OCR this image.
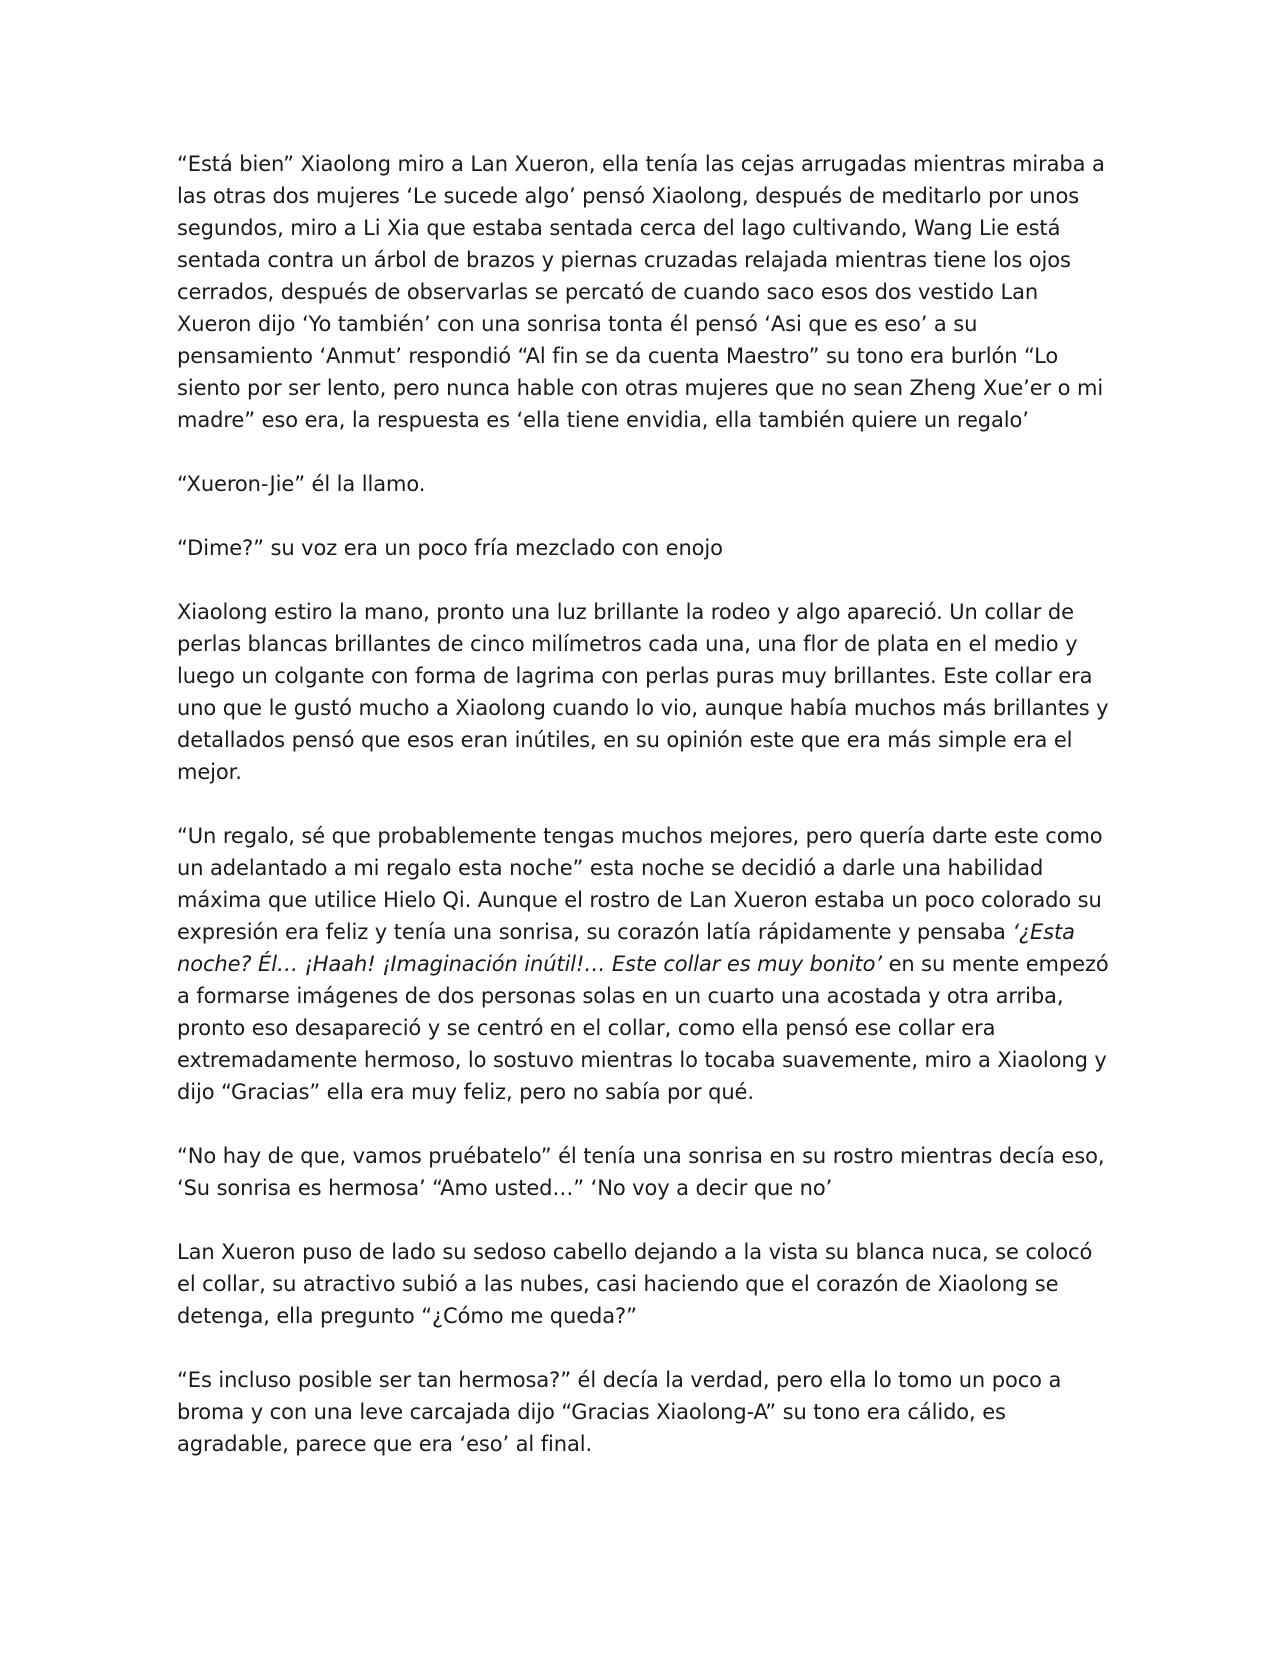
“Está bien” Xiaolong miro a Lan Xueron, ella tenía las cejas arrugadas mientras miraba a las otras dos mujeres ‘Le sucede algo’ pensó Xiaolong, después de meditarlo por unos segundos, miro a Li Xia que estaba sentada cerca del lago cultivando, Wang Lie está sentada contra un árbol de brazos y piernas cruzadas relajada mientras tiene los ojos cerrados, después de observarlas se percató de cuando saco esos dos vestido Lan Xueron dijo ‘Yo también’ con una sonrisa tonta él pensó ‘Asi que es eso’ a su pensamiento ‘Anmut’ respondió “Al fin se da cuenta Maestro” su tono era burlón “Lo siento por ser lento, pero nunca hable con otras mujeres que no sean Zheng Xue’er o mi madre” eso era, la respuesta es ‘ella tiene envidia, ella también quiere un regalo’

“Xueron-Jie” él la llamo.

“Dime?” su voz era un poco fría mezclado con enojo

Xiaolong estiro la mano, pronto una luz brillante la rodeo y algo apareció. Un collar de perlas blancas brillantes de cinco milímetros cada una, una flor de plata en el medio y luego un colgante con forma de lagrima con perlas puras muy brillantes. Este collar era uno que le gustó mucho a Xiaolong cuando lo vio, aunque había muchos más brillantes y detallados pensó que esos eran inútiles, en su opinión este que era más simple era el mejor.

“Un regalo, sé que probablemente tengas muchos mejores, pero quería darte este como un adelantado a mi regalo esta noche” esta noche se decidió a darle una habilidad máxima que utilice Hielo Qi. Aunque el rostro de Lan Xueron estaba un poco colorado su expresión era feliz y tenía una sonrisa, su corazón latía rápidamente y pensaba ‘¿Esta noche? Él… ¡Haah! ¡Imaginación inútil!… Este collar es muy bonito’ en su mente empezó a formarse imágenes de dos personas solas en un cuarto una acostada y otra arriba, pronto eso desapareció y se centró en el collar, como ella pensó ese collar era extremadamente hermoso, lo sostuvo mientras lo tocaba suavemente, miro a Xiaolong y dijo “Gracias” ella era muy feliz, pero no sabía por qué.

“No hay de que, vamos pruébatelo” él tenía una sonrisa en su rostro mientras decía eso, ‘Su sonrisa es hermosa’ “Amo usted…” ‘No voy a decir que no’

Lan Xueron puso de lado su sedoso cabello dejando a la vista su blanca nuca, se colocó el collar, su atractivo subió a las nubes, casi haciendo que el corazón de Xiaolong se detenga, ella pregunto “¿Cómo me queda?”

“Es incluso posible ser tan hermosa?” él decía la verdad, pero ella lo tomo un poco a broma y con una leve carcajada dijo “Gracias Xiaolong-A” su tono era cálido, es agradable, parece que era ‘eso’ al final.
